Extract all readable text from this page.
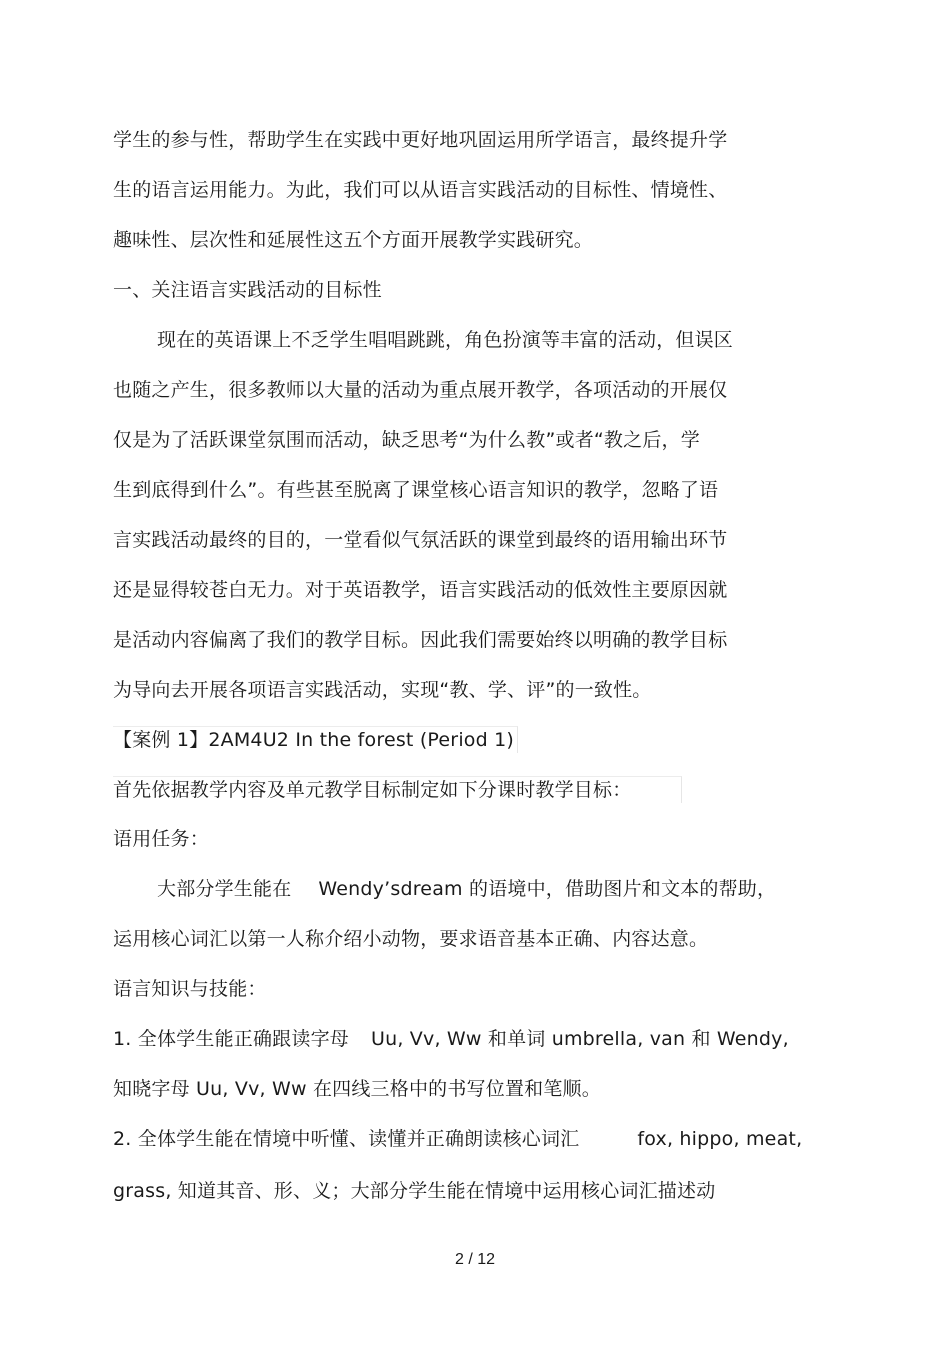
学生的参与性，帮助学生在实践中更好地巩固运用所学语言，最终提升学
生的语言运用能力。为此，我们可以从语言实践活动的目标性、情境性、
趣味性、层次性和延展性这五个方面开展教学实践研究。
一、关注语言实践活动的目标性
现在的英语课上不乏学生唱唱跳跳，角色扮演等丰富的活动，但误区
也随之产生，很多教师以大量的活动为重点展开教学，各项活动的开展仅
仅是为了活跃课堂氛围而活动，缺乏思考“为什么教”或者“教之后，学
生到底得到什么”。有些甚至脱离了课堂核心语言知识的教学，忽略了语
言实践活动最终的目的，一堂看似气氛活跃的课堂到最终的语用输出环节
还是显得较苍白无力。对于英语教学，语言实践活动的低效性主要原因就
是活动内容偏离了我们的教学目标。因此我们需要始终以明确的教学目标
为导向去开展各项语言实践活动，实现“教、学、评”的一致性。
【案例 1】2AM4U2 In the forest (Period 1)
首先依据教学内容及单元教学目标制定如下分课时教学目标：
语用任务：
大部分学生能在 Wendy’sdream 的语境中，借助图片和文本的帮助，
运用核心词汇以第一人称介绍小动物，要求语音基本正确、内容达意。
语言知识与技能：
1. 全体学生能正确跟读字母 Uu, Vv, Ww 和单词 umbrella, van 和 Wendy,
知晓字母 Uu, Vv, Ww 在四线三格中的书写位置和笔顺。
2. 全体学生能在情境中听懂、读懂并正确朗读核心词汇	fox, hippo, meat,
grass, 知道其音、形、义；大部分学生能在情境中运用核心词汇描述动
2 / 12
